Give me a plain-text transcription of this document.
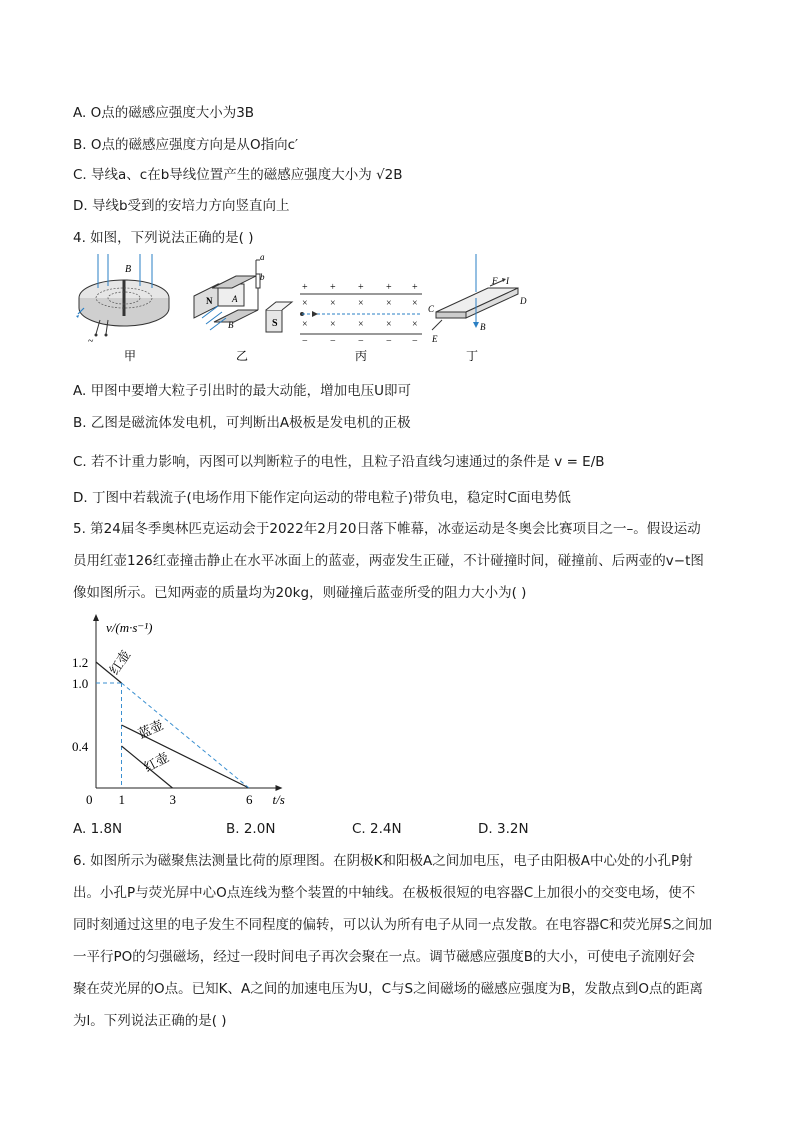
A. O点的磁感应强度大小为3B
B. O点的磁感应强度方向是从O指向c′
C. 导线a、c在b导线位置产生的磁感应强度大小为 √2B
D. 导线b受到的安培力方向竖直向上
4. 如图，下列说法正确的是( )
B
~
甲
N A
B	S
a
b
乙
+ + + + +
× × × × ×
× × × × ×
− − − − −
丙
C
F I
D
E
B
丁
A. 甲图中要增大粒子引出时的最大动能，增加电压U即可
B. 乙图是磁流体发电机，可判断出A极板是发电机的正极
C. 若不计重力影响，丙图可以判断粒子的电性，且粒子沿直线匀速通过的条件是 v = E/B
D. 丁图中若载流子(电场作用下能作定向运动的带电粒子)带负电，稳定时C面电势低
5. 第24届冬季奥林匹克运动会于2022年2月20日落下帷幕，冰壶运动是冬奥会比赛项目之一–。假设运动
员用红壶126红壶撞击静止在水平冰面上的蓝壶，两壶发生正碰，不计碰撞时间，碰撞前、后两壶的v−t图
像如图所示。已知两壶的质量均为20kg，则碰撞后蓝壶所受的阻力大小为( )
v/(m·s⁻¹)
t/s
0 1	3	6
0.4
1.0
1.2 红壶
蓝壶
红壶
A. 1.8N	B. 2.0N	C. 2.4N	D. 3.2N
6. 如图所示为磁聚焦法测量比荷的原理图。在阴极K和阳极A之间加电压，电子由阳极A中心处的小孔P射
出。小孔P与荧光屏中心O点连线为整个装置的中轴线。在极板很短的电容器C上加很小的交变电场，使不
同时刻通过这里的电子发生不同程度的偏转，可以认为所有电子从同一点发散。在电容器C和荧光屏S之间加
一平行PO的匀强磁场，经过一段时间电子再次会聚在一点。调节磁感应强度B的大小，可使电子流刚好会
聚在荧光屏的O点。已知K、A之间的加速电压为U，C与S之间磁场的磁感应强度为B，发散点到O点的距离
为l。下列说法正确的是( )
